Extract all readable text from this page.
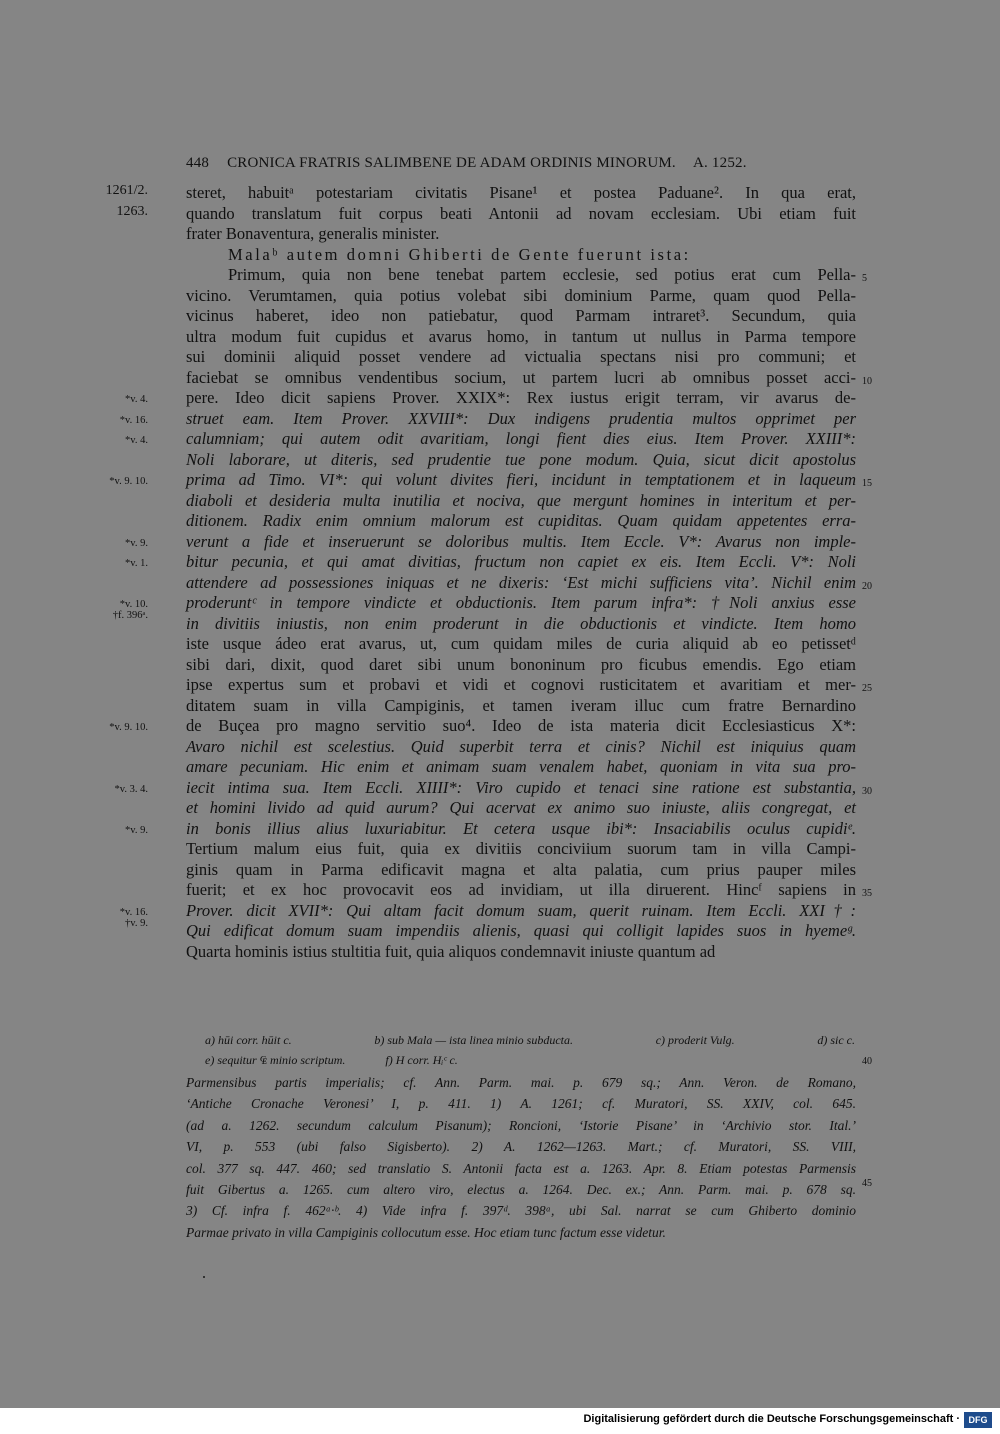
448 CRONICA FRATRIS SALIMBENE DE ADAM ORDINIS MINORUM. A. 1252.
steret, habuitᵃ potestariam civitatis Pisane¹ et postea Paduane². In qua erat,
quando translatum fuit corpus beati Antonii ad novam ecclesiam. Ubi etiam fuit
frater Bonaventura, generalis minister.
Malaᵇ autem domni Ghiberti de Gente fuerunt ista:
Primum, quia non bene tenebat partem ecclesie, sed potius erat cum Pella-
vicino. Verumtamen, quia potius volebat sibi dominium Parme, quam quod Pella-
vicinus haberet, ideo non patiebatur, quod Parmam intraret³. Secundum, quia
ultra modum fuit cupidus et avarus homo, in tantum ut nullus in Parma tempore
sui dominii aliquid posset vendere ad victualia spectans nisi pro communi; et
faciebat se omnibus vendentibus socium, ut partem lucri ab omnibus posset acci-
pere. Ideo dicit sapiens Prover. XXIX*: Rex iustus erigit terram, vir avarus de-
struet eam. Item Prover. XXVIII*: Dux indigens prudentia multos opprimet per
calumniam; qui autem odit avaritiam, longi fient dies eius. Item Prover. XXIII*:
Noli laborare, ut diteris, sed prudentie tue pone modum. Quia, sicut dicit apostolus
prima ad Timo. VI*: qui volunt divites fieri, incidunt in temptationem et in laqueum
diaboli et desideria multa inutilia et nociva, que mergunt homines in interitum et per-
ditionem. Radix enim omnium malorum est cupiditas. Quam quidam appetentes erra-
verunt a fide et inseruerunt se doloribus multis. Item Eccle. V*: Avarus non imple-
bitur pecunia, et qui amat divitias, fructum non capiet ex eis. Item Eccli. V*: Noli
attendere ad possessiones iniquas et ne dixeris: ‘Est michi sufficiens vita’. Nichil enim
proderuntᶜ in tempore vindicte et obductionis. Item parum infra*: †Noli anxius esse
in divitiis iniustis, non enim proderunt in die obductionis et vindicte. Item homo
iste usque ádeo erat avarus, ut, cum quidam miles de curia aliquid ab eo petissetᵈ
sibi dari, dixit, quod daret sibi unum bononinum pro ficubus emendis. Ego etiam
ipse expertus sum et probavi et vidi et cognovi rusticitatem et avaritiam et mer-
ditatem suam in villa Campiginis, et tamen iveram illuc cum fratre Bernardino
de Buçea pro magno servitio suo⁴. Ideo de ista materia dicit Ecclesiasticus X*:
Avaro nichil est scelestius. Quid superbit terra et cinis? Nichil est iniquius quam
amare pecuniam. Hic enim et animam suam venalem habet, quoniam in vita sua pro-
iecit intima sua. Item Eccli. XIIII*: Viro cupido et tenaci sine ratione est substantia,
et homini livido ad quid aurum? Qui acervat ex animo suo iniuste, aliis congregat, et
in bonis illius alius luxuriabitur. Et cetera usque ibi*: Insaciabilis oculus cupidiᵉ.
Tertium malum eius fuit, quia ex divitiis conciviium suorum tam in villa Campi-
ginis quam in Parma edificavit magna et alta palatia, cum prius pauper miles
fuerit; et ex hoc provocavit eos ad invidiam, ut illa diruerent. Hincᶠ sapiens in
Prover. dicit XVII*: Qui altam facit domum suam, querit ruinam. Item Eccli. XXI†:
Qui edificat domum suam impendiis alienis, quasi qui colligit lapides suos in hyemeᵍ.
Quarta hominis istius stultitia fuit, quia aliquos condemnavit iniuste quantum ad
1261/2.
1263.
*v. 4.
*v. 16.
*v. 4.
*v. 9. 10.
*v. 9.
*v. 1.
*v. 10.
†f. 396ᵃ.
*v. 9. 10.
*v. 3. 4.
*v. 9.
*v. 16.
†v. 9.
5
10
15
20
25
30
35
a) hūi corr. hūit c.	b) sub Mala — ista linea minio subducta.	c) proderit Vulg.	d) sic c.
e) sequitur ₠ minio scriptum.	f) H corr. Hᵢᶜ c.	40
Parmensibus partis imperialis; cf. Ann. Parm. mai. p. 679 sq.; Ann. Veron. de Romano,
‘Antiche Cronache Veronesi’ I, p. 411. 1) A. 1261; cf. Muratori, SS. XXIV, col. 645.
(ad a. 1262. secundum calculum Pisanum); Roncioni, ‘Istorie Pisane’ in ‘Archivio stor. Ital.’
VI, p. 553 (ubi falso Sigisberto). 2) A. 1262—1263. Mart.; cf. Muratori, SS. VIII,
col. 377 sq. 447. 460; sed translatio S. Antonii facta est a. 1263. Apr. 8. Etiam potestas Parmensis
fuit Gibertus a. 1265. cum altero viro, electus a. 1264. Dec. ex.; Ann. Parm. mai. p. 678 sq.
3) Cf. infra f. 462ᵃ·ᵇ. 4) Vide infra f. 397ᵈ. 398ᵃ, ubi Sal. narrat se cum Ghiberto dominio
Parmae privato in villa Campiginis collocutum esse. Hoc etiam tunc factum esse videtur.
45
Digitalisierung gefördert durch die Deutsche Forschungsgemeinschaft · DFG
